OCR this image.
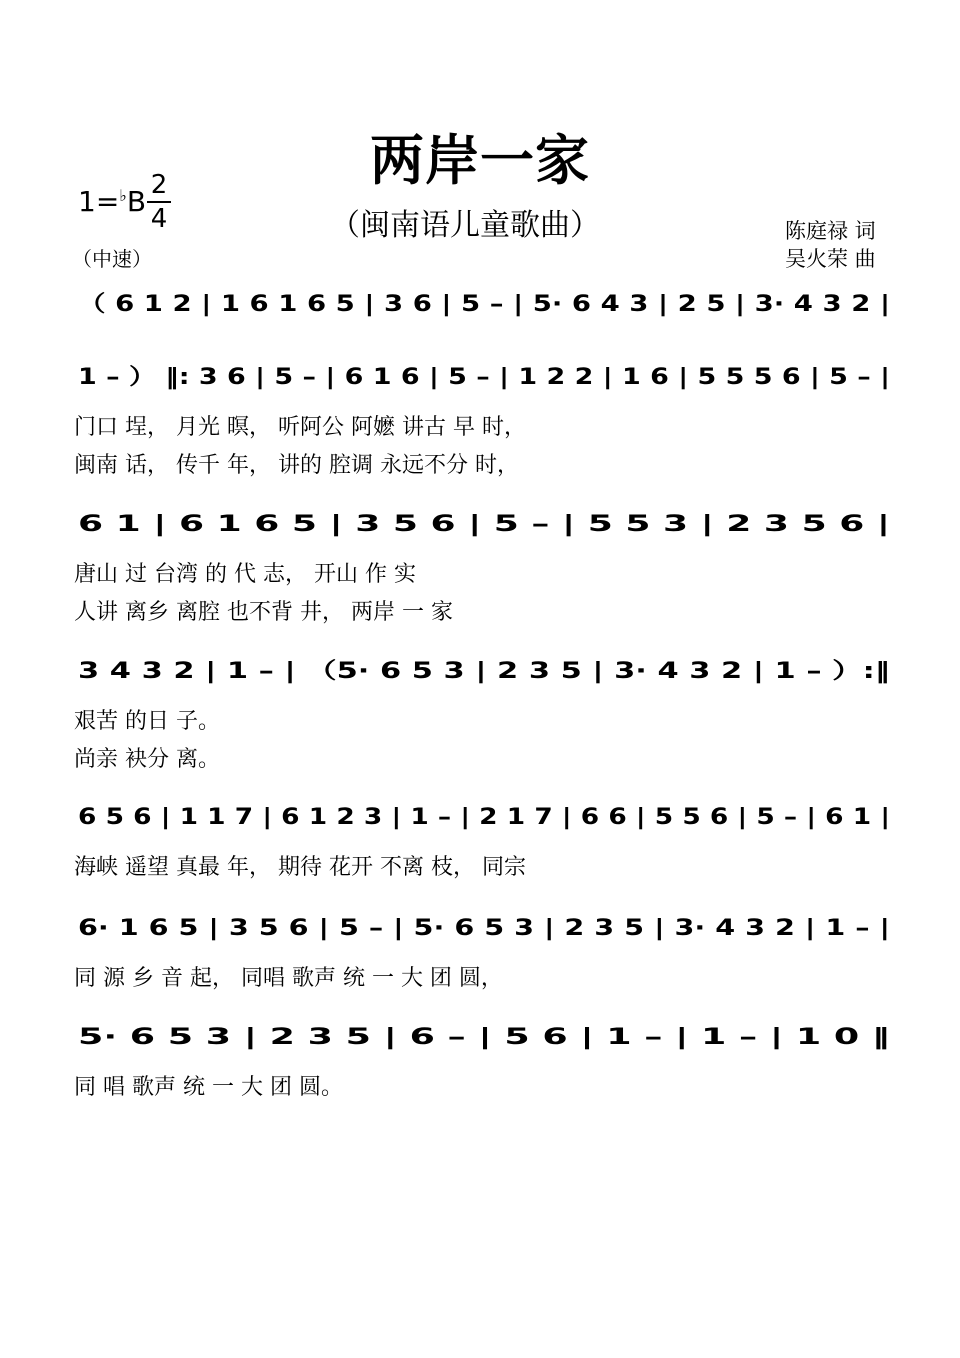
两岸一家
1=♭B 2
4	（闽南语儿童歌曲）
（中速）
陈庭禄 词
吴火荣 曲
（ 6 1 2 | 1 6 1 6 5 | 3 6 | 5 – | 5· 6 4 3 | 2 5 | 3· 4 3 2 |
1 – ） ‖: 3 6 | 5 – | 6 1 6 | 5 – | 1 2 2 | 1 6 | 5 5 5 6 | 5 – |
门口 埕， 月光 暝， 听阿公 阿嬷 讲古 早 时，
闽南 话， 传千 年， 讲的 腔调 永远不分 时，
6 1 | 6 1 6 5 | 3 5 6 | 5 – | 5 5 3 | 2 3 5 6 |
唐山 过 台湾 的 代 志， 开山 作 实
人讲 离乡 离腔 也不背 井， 两岸 一 家
3 4 3 2 | 1 – | （5· 6 5 3 | 2 3 5 | 3· 4 3 2 | 1 – ）:‖
艰苦 的日 子。
尚亲 袂分 离。
6 5 6 | 1 1 7 | 6 1 2 3 | 1 – | 2 1 7 | 6 6 | 5 5 6 | 5 – | 6 1 |
海峡 遥望 真最 年， 期待 花开 不离 枝， 同宗
6· 1 6 5 | 3 5 6 | 5 – | 5· 6 5 3 | 2 3 5 | 3· 4 3 2 | 1 – |
同 源 乡 音 起， 同唱 歌声 统 一 大 团 圆，
5· 6 5 3 | 2 3 5 | 6 – | 5 6 | 1 – | 1 – | 1 0 ‖
同 唱 歌声 统 一 大 团 圆。
